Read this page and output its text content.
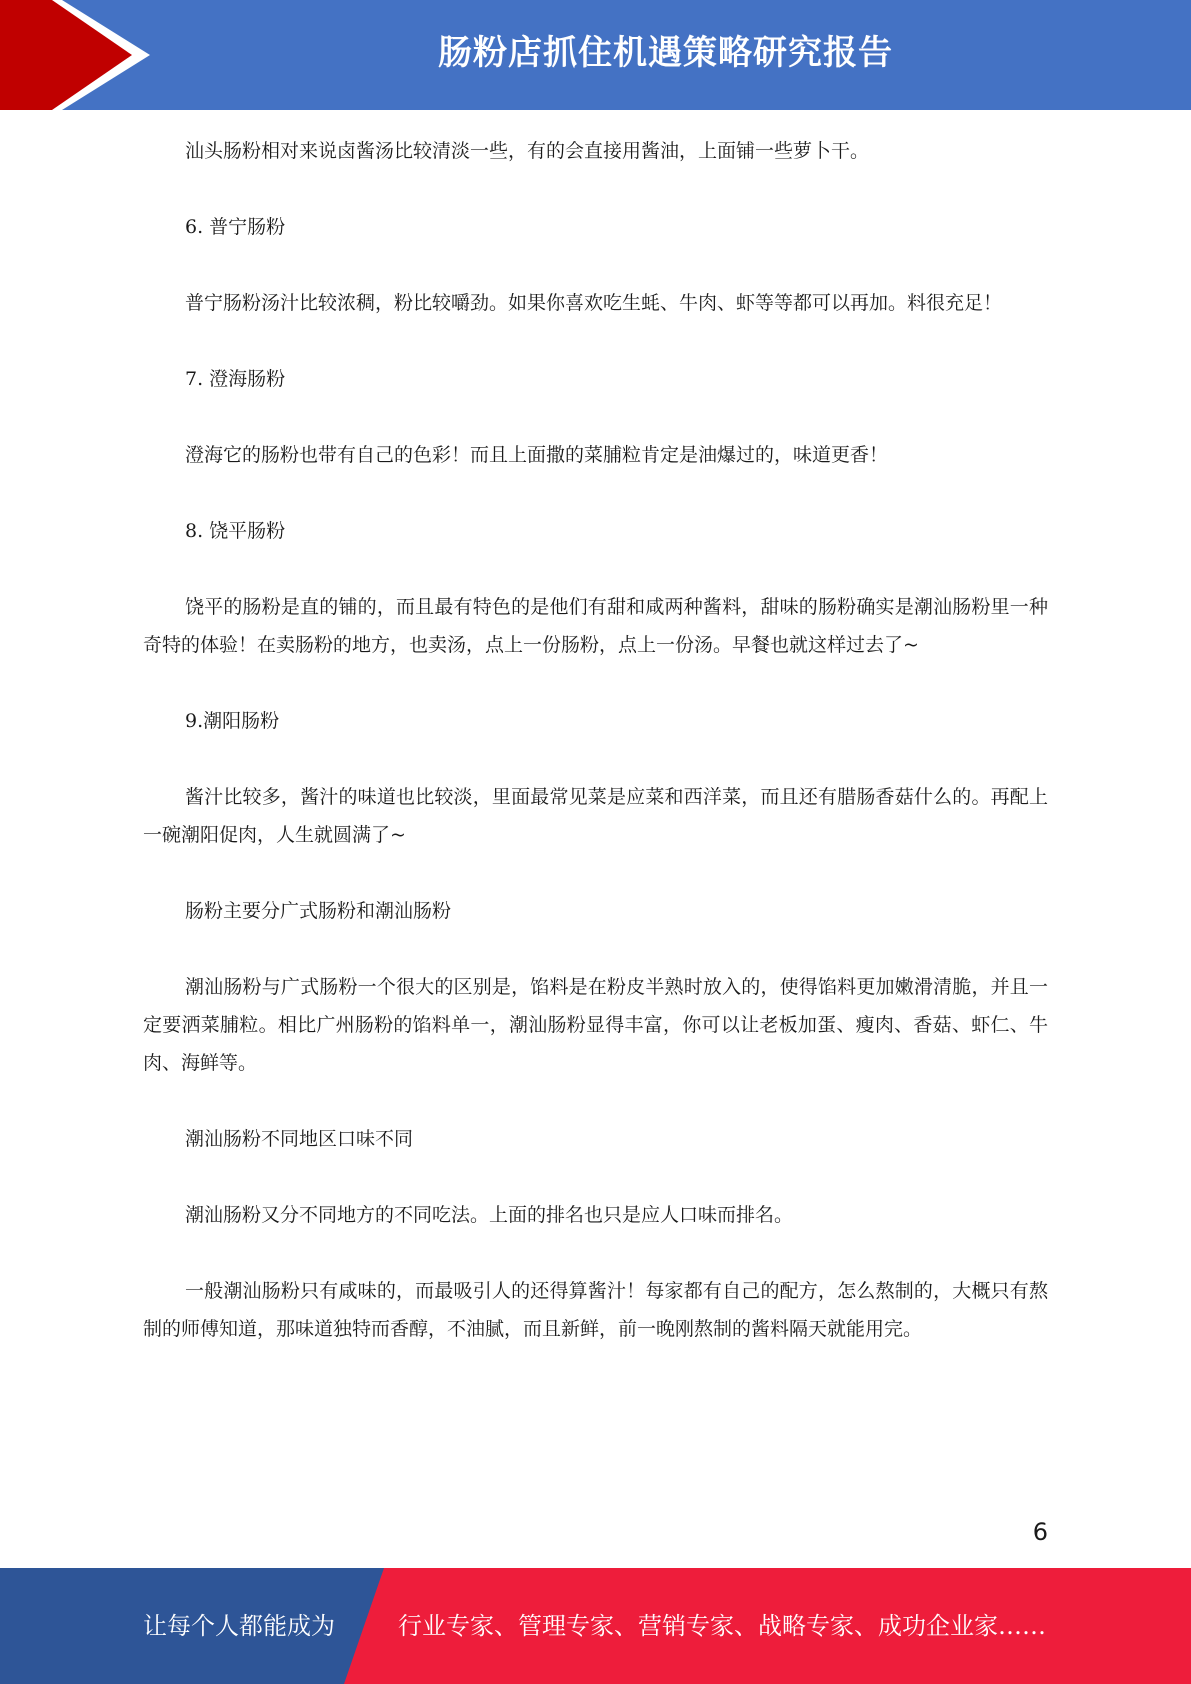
肠粉店抓住机遇策略研究报告

汕头肠粉相对来说卤酱汤比较清淡一些，有的会直接用酱油，上面铺一些萝卜干。

6. 普宁肠粉

普宁肠粉汤汁比较浓稠，粉比较嚼劲。如果你喜欢吃生蚝、牛肉、虾等等都可以再加。料很充足！

7. 澄海肠粉

澄海它的肠粉也带有自己的色彩！而且上面撒的菜脯粒肯定是油爆过的，味道更香！

8. 饶平肠粉

饶平的肠粉是直的铺的，而且最有特色的是他们有甜和咸两种酱料，甜味的肠粉确实是潮汕肠粉里一种奇特的体验！在卖肠粉的地方，也卖汤，点上一份肠粉，点上一份汤。早餐也就这样过去了~

9.潮阳肠粉

酱汁比较多，酱汁的味道也比较淡，里面最常见菜是应菜和西洋菜，而且还有腊肠香菇什么的。再配上一碗潮阳促肉，人生就圆满了~

肠粉主要分广式肠粉和潮汕肠粉

潮汕肠粉与广式肠粉一个很大的区别是，馅料是在粉皮半熟时放入的，使得馅料更加嫩滑清脆，并且一定要洒菜脯粒。相比广州肠粉的馅料单一，潮汕肠粉显得丰富，你可以让老板加蛋、瘦肉、香菇、虾仁、牛肉、海鲜等。

潮汕肠粉不同地区口味不同

潮汕肠粉又分不同地方的不同吃法。上面的排名也只是应人口味而排名。

一般潮汕肠粉只有咸味的，而最吸引人的还得算酱汁！每家都有自己的配方，怎么熬制的，大概只有熬制的师傅知道，那味道独特而香醇，不油腻，而且新鲜，前一晚刚熬制的酱料隔天就能用完。

6
让每个人都能成为	行业专家、管理专家、营销专家、战略专家、成功企业家……
